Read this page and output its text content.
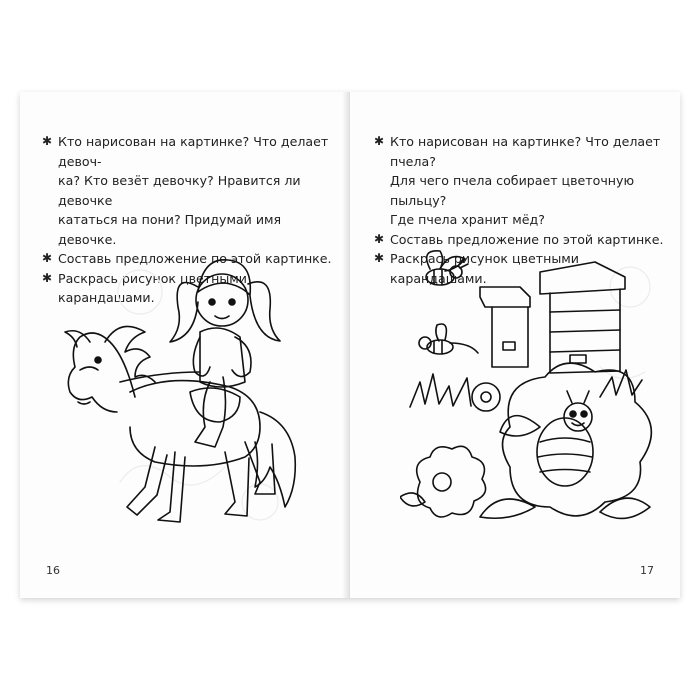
✱ Кто нарисован на картинке? Что делает девоч-
ка? Кто везёт девочку? Нравится ли девочке
кататься на пони? Придумай имя девочке.
✱ Составь предложение по этой картинке.
✱ Раскрась рисунок цветными карандашами.
16
✱ Кто нарисован на картинке? Что делает пчела?
Для чего пчела собирает цветочную пыльцу?
Где пчела хранит мёд?
✱ Составь предложение по этой картинке.
✱ Раскрась рисунок цветными карандашами.
17
